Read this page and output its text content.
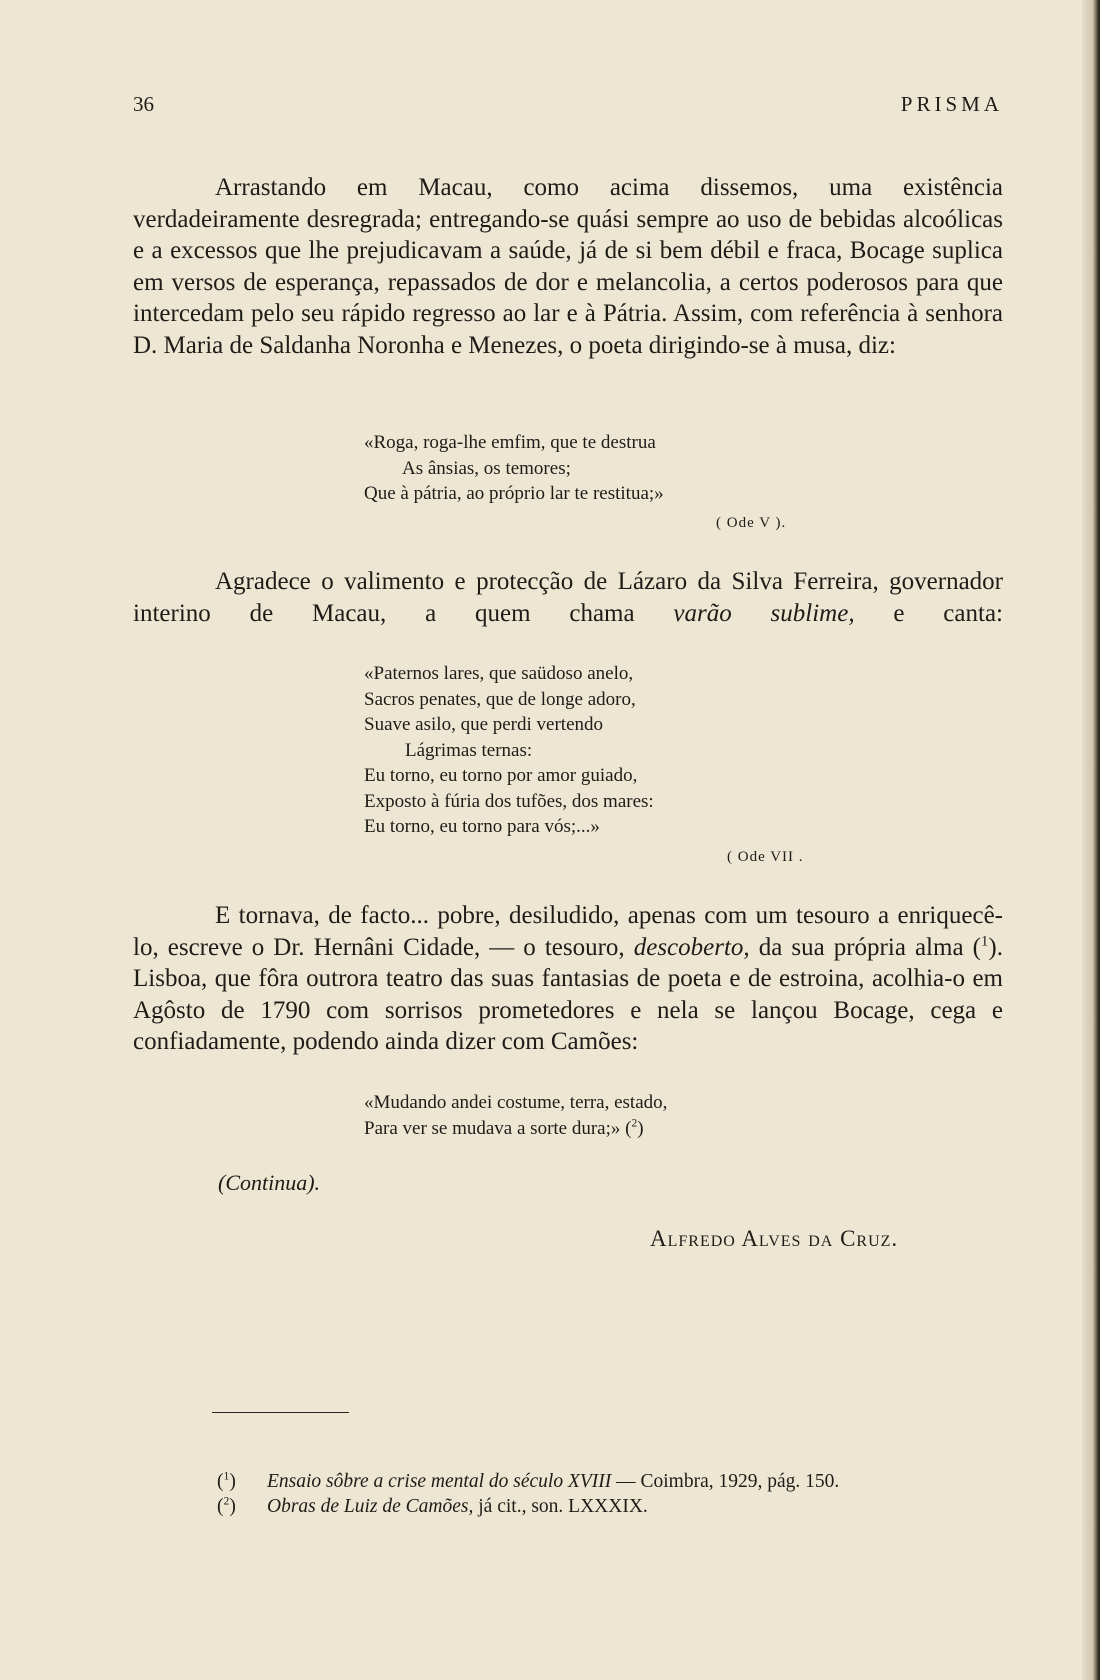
36	PRISMA

Arrastando em Macau, como acima dissemos, uma existência verdadeiramente desregrada; entregando-se quási sempre ao uso de bebidas alcoólicas e a excessos que lhe prejudicavam a saúde, já de si bem débil e fraca, Bocage suplica em versos de esperança, repassados de dor e melancolia, a certos poderosos para que intercedam pelo seu rápido regresso ao lar e à Pátria. Assim, com referência à senhora D. Maria de Saldanha Noronha e Menezes, o poeta dirigindo-se à musa, diz:

«Roga, roga-lhe emfim, que te destrua
As ânsias, os temores;
Que à pátria, ao próprio lar te restitua;»
( Ode V ).

Agradece o valimento e protecção de Lázaro da Silva Ferreira, governador interino de Macau, a quem chama varão sublime, e canta:

«Paternos lares, que saüdoso anelo,
Sacros penates, que de longe adoro,
Suave asilo, que perdi vertendo
Lágrimas ternas:
Eu torno, eu torno por amor guiado,
Exposto à fúria dos tufões, dos mares:
Eu torno, eu torno para vós;...»
( Ode VII .

E tornava, de facto... pobre, desiludido, apenas com um tesouro a enriquecê-lo, escreve o Dr. Hernâni Cidade, — o tesouro, descoberto, da sua própria alma ($^1$). Lisboa, que fôra outrora teatro das suas fantasias de poeta e de estroina, acolhia-o em Agôsto de 1790 com sorrisos prometedores e nela se lançou Bocage, cega e confiadamente, podendo ainda dizer com Camões:

«Mudando andei costume, terra, estado,
Para ver se mudava a sorte dura;» ($^2$)
(Continua).
Alfredo Alves da Cruz.
($^1$) Ensaio sôbre a crise mental do século XVIII — Coimbra, 1929, pág. 150.
($^2$) Obras de Luiz de Camões, já cit., son. LXXXIX.
